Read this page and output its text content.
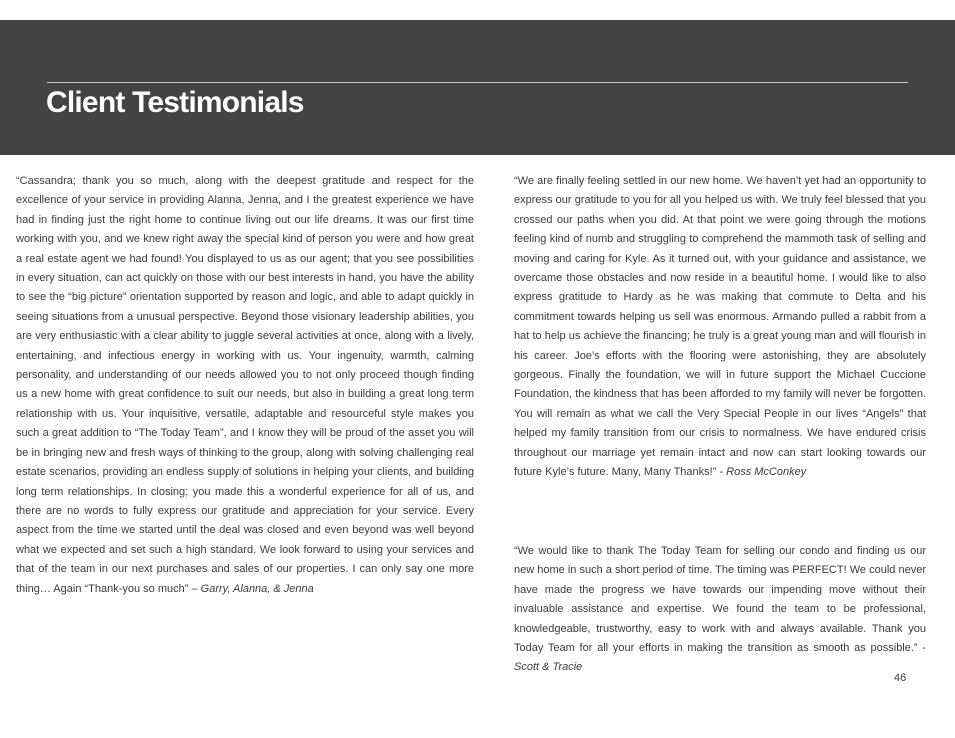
Client Testimonials
“Cassandra; thank you so much, along with the deepest gratitude and respect for the excellence of your service in providing Alanna, Jenna, and I the greatest experience we have had in finding just the right home to continue living out our life dreams. It was our first time working with you, and we knew right away the special kind of person you were and how great a real estate agent we had found! You displayed to us as our agent; that you see possibilities in every situation, can act quickly on those with our best interests in hand, you have the ability to see the “big picture” orientation supported by reason and logic, and able to adapt quickly in seeing situations from a unusual perspective. Beyond those visionary leadership abilities, you are very enthusiastic with a clear ability to juggle several activities at once, along with a lively, entertaining, and infectious energy in working with us. Your ingenuity, warmth, calming personality, and understanding of our needs allowed you to not only proceed though finding us a new home with great confidence to suit our needs, but also in building a great long term relationship with us. Your inquisitive, versatile, adaptable and resourceful style makes you such a great addition to “The Today Team”, and I know they will be proud of the asset you will be in bringing new and fresh ways of thinking to the group, along with solving challenging real estate scenarios, providing an endless supply of solutions in helping your clients, and building long term relationships. In closing; you made this a wonderful experience for all of us, and there are no words to fully express our gratitude and appreciation for your service. Every aspect from the time we started until the deal was closed and even beyond was well beyond what we expected and set such a high standard. We look forward to using your services and that of the team in our next purchases and sales of our properties. I can only say one more thing… Again “Thank-you so much” – Garry, Alanna, & Jenna
“We are finally feeling settled in our new home. We haven’t yet had an opportunity to express our gratitude to you for all you helped us with. We truly feel blessed that you crossed our paths when you did. At that point we were going through the motions feeling kind of numb and struggling to comprehend the mammoth task of selling and moving and caring for Kyle. As it turned out, with your guidance and assistance, we overcame those obstacles and now reside in a beautiful home. I would like to also express gratitude to Hardy as he was making that commute to Delta and his commitment towards helping us sell was enormous. Armando pulled a rabbit from a hat to help us achieve the financing; he truly is a great young man and will flourish in his career. Joe’s efforts with the flooring were astonishing, they are absolutely gorgeous. Finally the foundation, we will in future support the Michael Cuccione Foundation, the kindness that has been afforded to my family will never be forgotten. You will remain as what we call the Very Special People in our lives “Angels” that helped my family transition from our crisis to normalness. We have endured crisis throughout our marriage yet remain intact and now can start looking towards our future Kyle’s future. Many, Many Thanks!” - Ross McConkey
“We would like to thank The Today Team for selling our condo and finding us our new home in such a short period of time. The timing was PERFECT! We could never have made the progress we have towards our impending move without their invaluable assistance and expertise. We found the team to be professional, knowledgeable, trustworthy, easy to work with and always available. Thank you Today Team for all your efforts in making the transition as smooth as possible.” - Scott & Tracie
46
